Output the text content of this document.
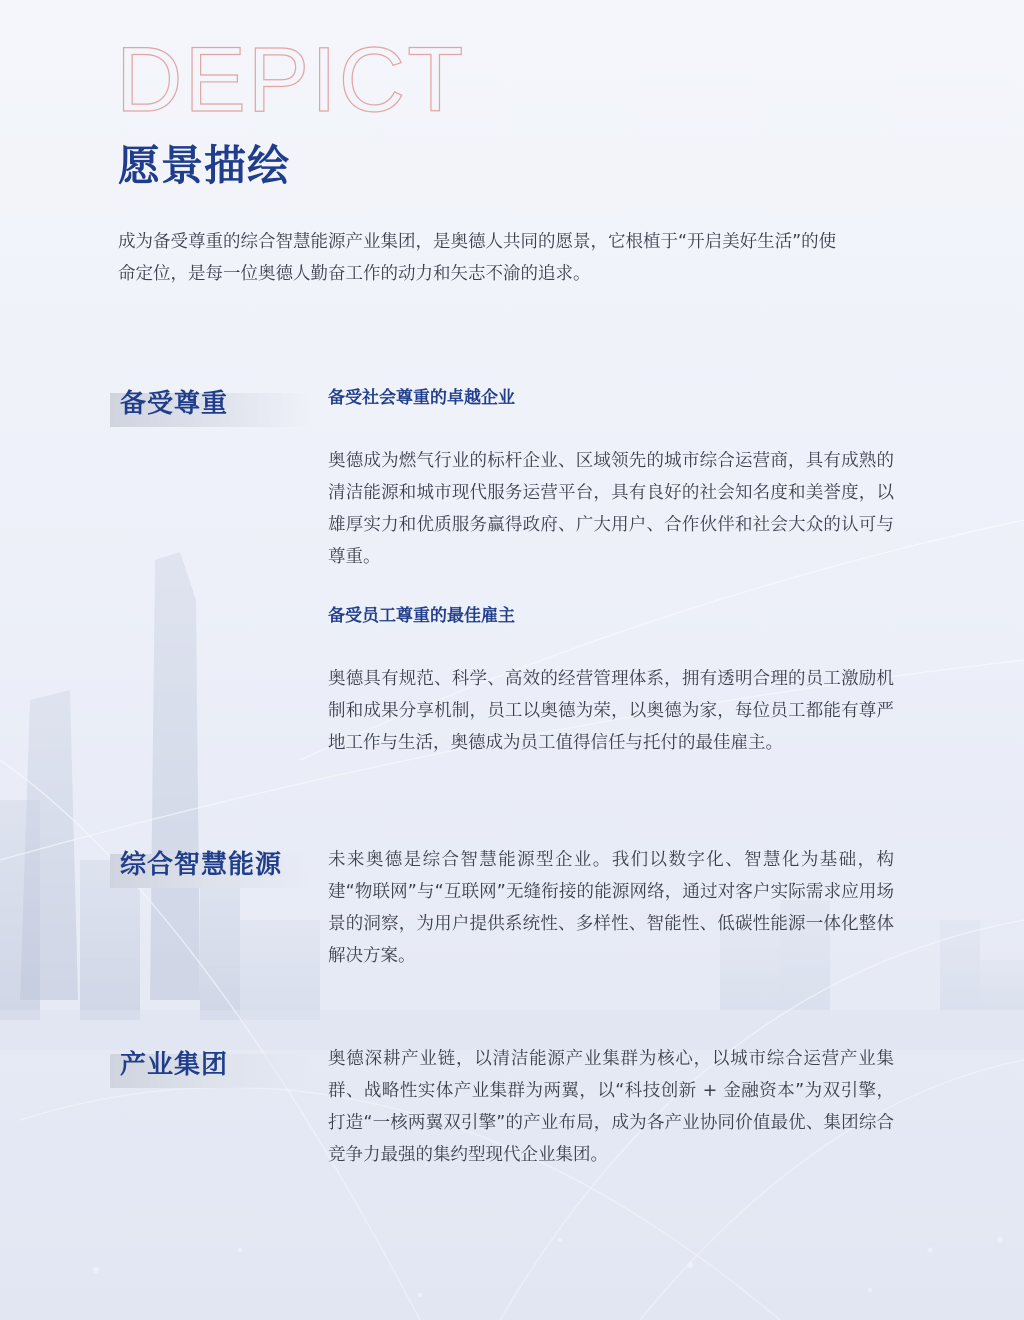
DEPICT
愿景描绘
成为备受尊重的综合智慧能源产业集团，是奥德人共同的愿景，它根植于“开启美好生活”的使命定位，是每一位奥德人勤奋工作的动力和矢志不渝的追求。
备受尊重	备受社会尊重的卓越企业
奥德成为燃气行业的标杆企业、区域领先的城市综合运营商，具有成熟的清洁能源和城市现代服务运营平台，具有良好的社会知名度和美誉度，以雄厚实力和优质服务赢得政府、广大用户、合作伙伴和社会大众的认可与尊重。
备受员工尊重的最佳雇主
奥德具有规范、科学、高效的经营管理体系，拥有透明合理的员工激励机制和成果分享机制，员工以奥德为荣，以奥德为家，每位员工都能有尊严地工作与生活，奥德成为员工值得信任与托付的最佳雇主。
综合智慧能源	未来奥德是综合智慧能源型企业。我们以数字化、智慧化为基础，构建“物联网”与“互联网”无缝衔接的能源网络，通过对客户实际需求应用场景的洞察，为用户提供系统性、多样性、智能性、低碳性能源一体化整体解决方案。
产业集团	奥德深耕产业链，以清洁能源产业集群为核心，以城市综合运营产业集群、战略性实体产业集群为两翼，以“科技创新 + 金融资本”为双引擎，打造“一核两翼双引擎”的产业布局，成为各产业协同价值最优、集团综合竞争力最强的集约型现代企业集团。
